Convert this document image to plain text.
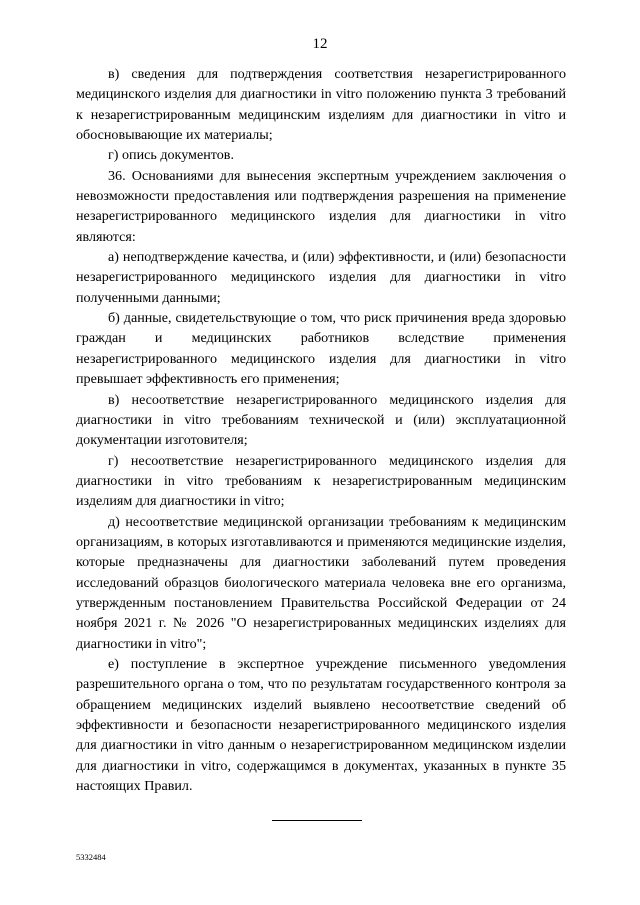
12

в) сведения для подтверждения соответствия незарегистрированного медицинского изделия для диагностики in vitro положению пункта 3 требований к незарегистрированным медицинским изделиям для диагностики in vitro и обосновывающие их материалы;

г) опись документов.

36. Основаниями для вынесения экспертным учреждением заключения о невозможности предоставления или подтверждения разрешения на применение незарегистрированного медицинского изделия для диагностики in vitro являются:

а) неподтверждение качества, и (или) эффективности, и (или) безопасности незарегистрированного медицинского изделия для диагностики in vitro полученными данными;

б) данные, свидетельствующие о том, что риск причинения вреда здоровью граждан и медицинских работников вследствие применения незарегистрированного медицинского изделия для диагностики in vitro превышает эффективность его применения;

в) несоответствие незарегистрированного медицинского изделия для диагностики in vitro требованиям технической и (или) эксплуатационной документации изготовителя;

г) несоответствие незарегистрированного медицинского изделия для диагностики in vitro требованиям к незарегистрированным медицинским изделиям для диагностики in vitro;

д) несоответствие медицинской организации требованиям к медицинским организациям, в которых изготавливаются и применяются медицинские изделия, которые предназначены для диагностики заболеваний путем проведения исследований образцов биологического материала человека вне его организма, утвержденным постановлением Правительства Российской Федерации от 24 ноября 2021 г. № 2026 "О незарегистрированных медицинских изделиях для диагностики in vitro";

е) поступление в экспертное учреждение письменного уведомления разрешительного органа о том, что по результатам государственного контроля за обращением медицинских изделий выявлено несоответствие сведений об эффективности и безопасности незарегистрированного медицинского изделия для диагностики in vitro данным о незарегистрированном медицинском изделии для диагностики in vitro, содержащимся в документах, указанных в пункте 35 настоящих Правил.

5332484
